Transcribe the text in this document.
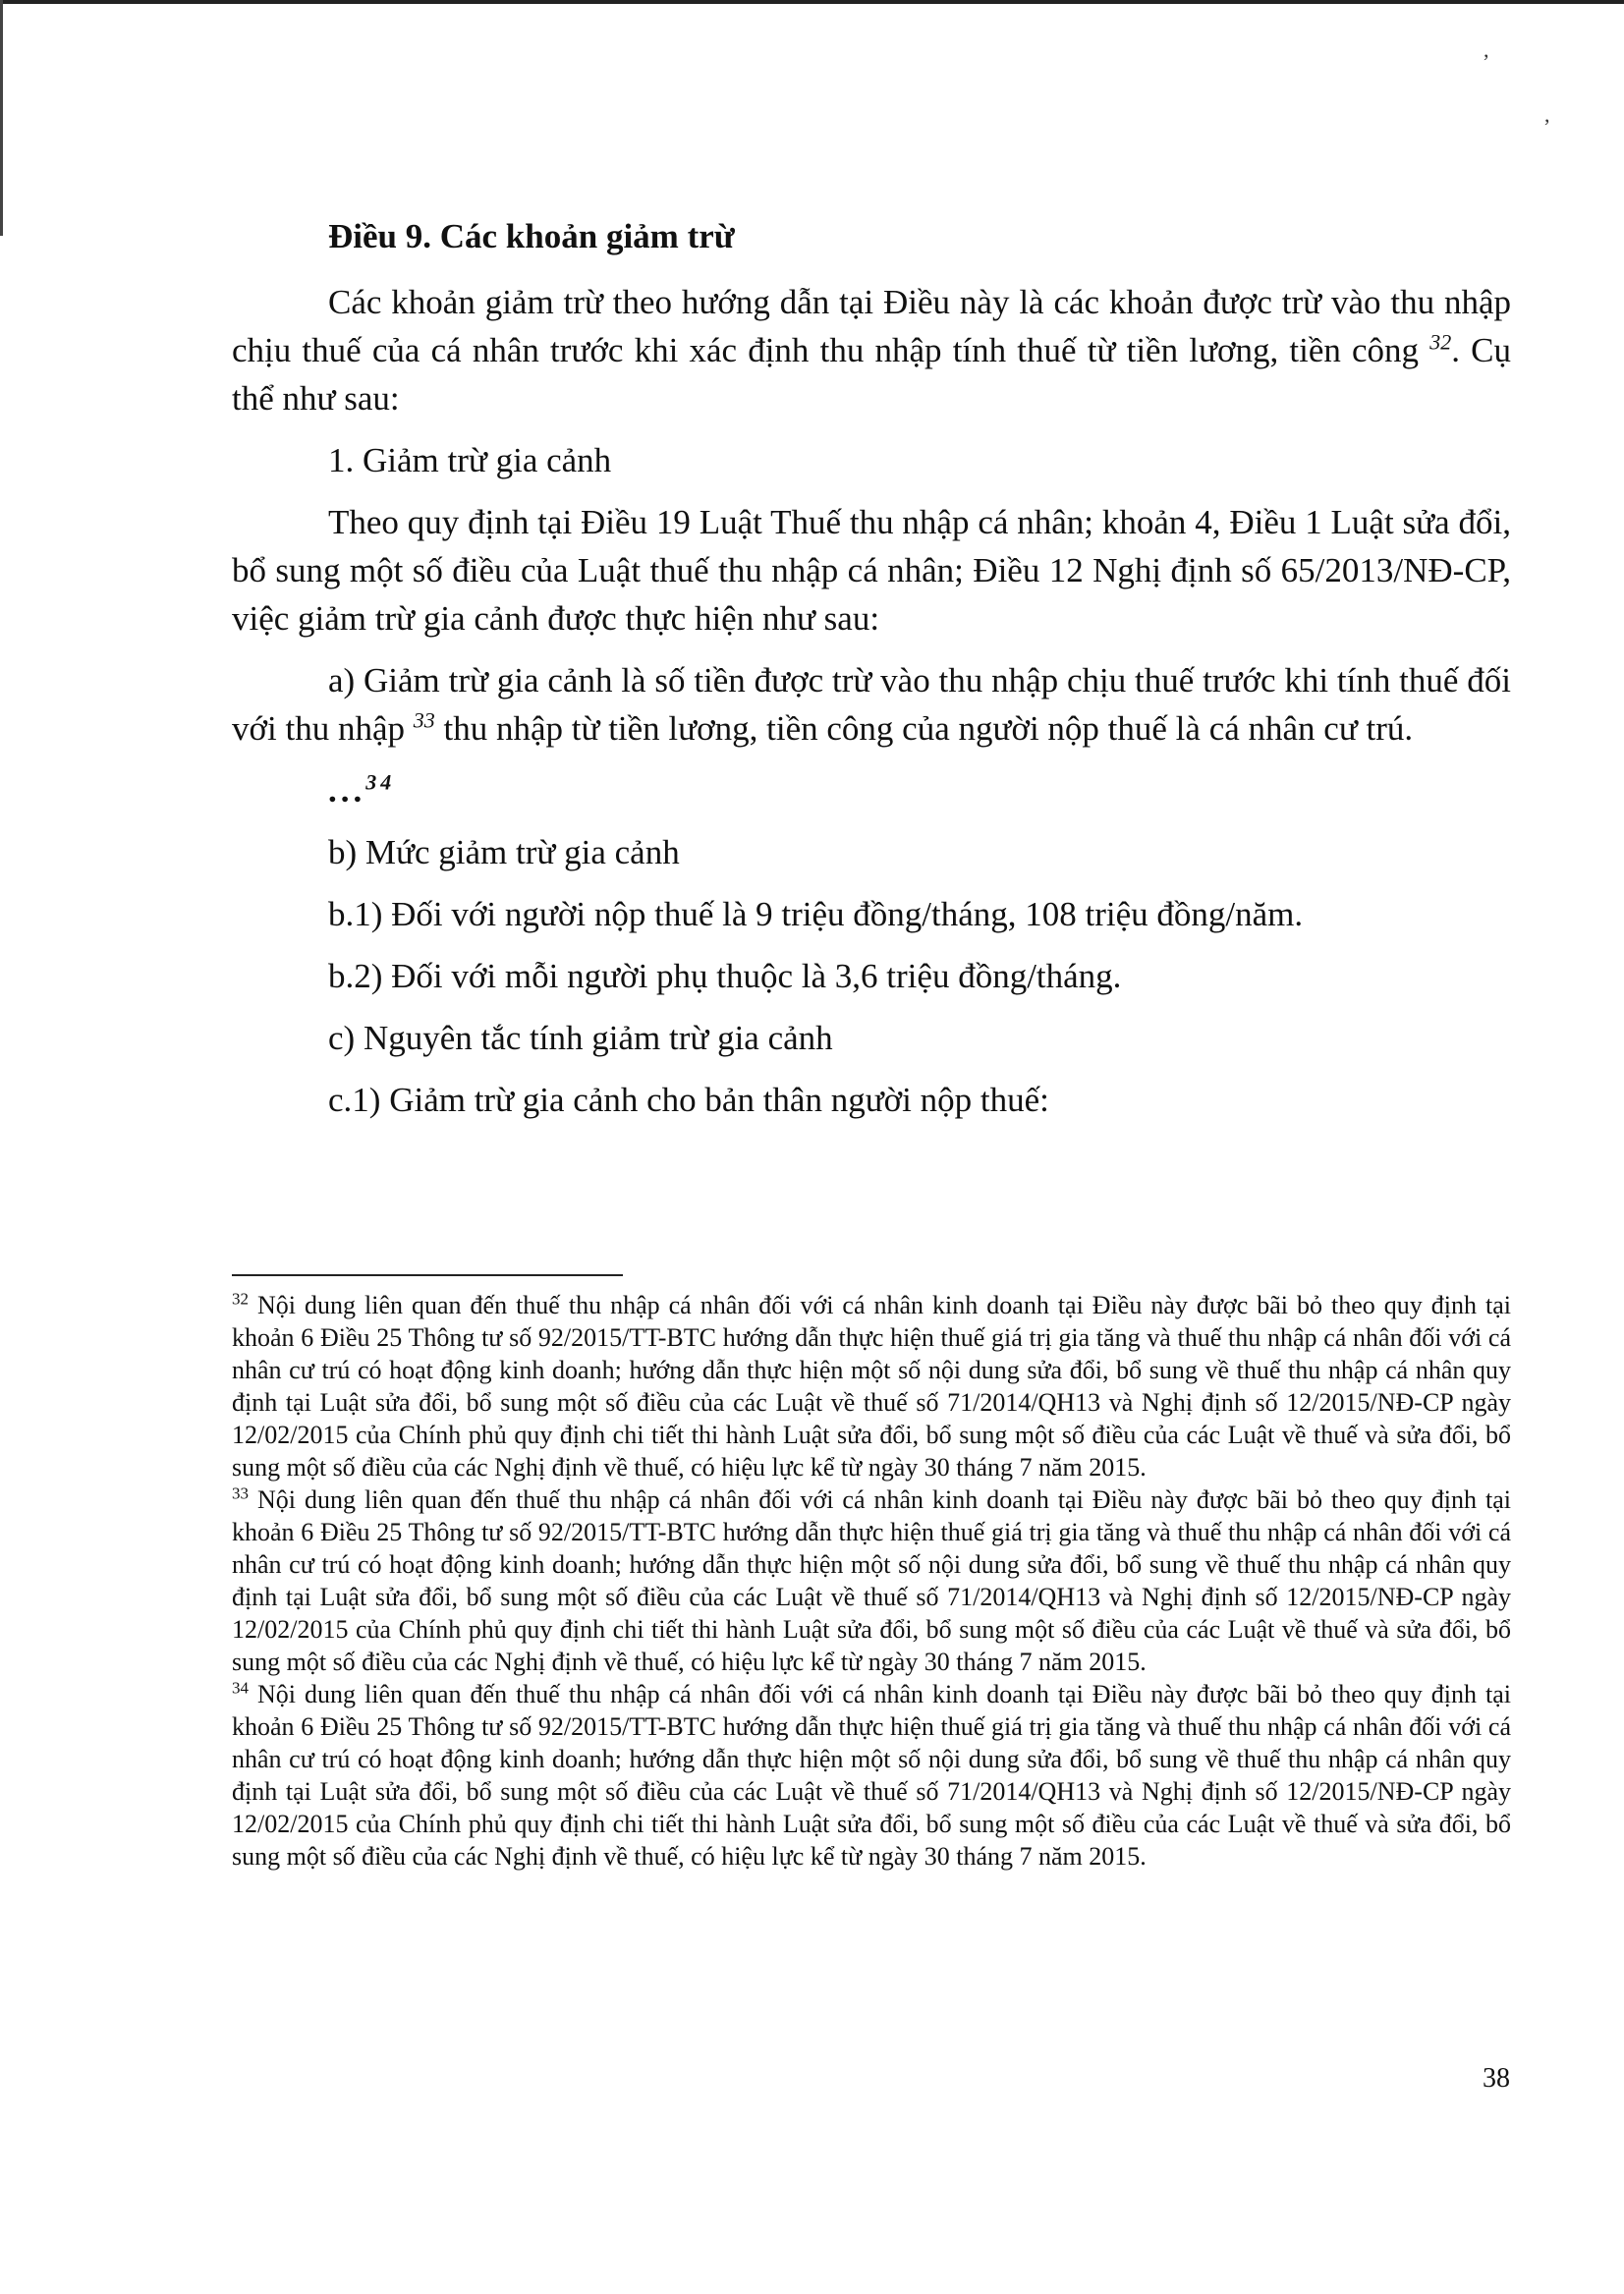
,
,
Điều 9. Các khoản giảm trừ

Các khoản giảm trừ theo hướng dẫn tại Điều này là các khoản được trừ vào thu nhập chịu thuế của cá nhân trước khi xác định thu nhập tính thuế từ tiền lương, tiền công $^{32}$. Cụ thể như sau:

1. Giảm trừ gia cảnh

Theo quy định tại Điều 19 Luật Thuế thu nhập cá nhân; khoản 4, Điều 1 Luật sửa đổi, bổ sung một số điều của Luật thuế thu nhập cá nhân; Điều 12 Nghị định số 65/2013/NĐ-CP, việc giảm trừ gia cảnh được thực hiện như sau:

a) Giảm trừ gia cảnh là số tiền được trừ vào thu nhập chịu thuế trước khi tính thuế đối với thu nhập $^{33}$ thu nhập từ tiền lương, tiền công của người nộp thuế là cá nhân cư trú.

...$^{34}$

b) Mức giảm trừ gia cảnh

b.1) Đối với người nộp thuế là 9 triệu đồng/tháng, 108 triệu đồng/năm.

b.2) Đối với mỗi người phụ thuộc là 3,6 triệu đồng/tháng.

c) Nguyên tắc tính giảm trừ gia cảnh

c.1) Giảm trừ gia cảnh cho bản thân người nộp thuế:

$^{32}$ Nội dung liên quan đến thuế thu nhập cá nhân đối với cá nhân kinh doanh tại Điều này được bãi bỏ theo quy định tại khoản 6 Điều 25 Thông tư số 92/2015/TT-BTC hướng dẫn thực hiện thuế giá trị gia tăng và thuế thu nhập cá nhân đối với cá nhân cư trú có hoạt động kinh doanh; hướng dẫn thực hiện một số nội dung sửa đổi, bổ sung về thuế thu nhập cá nhân quy định tại Luật sửa đổi, bổ sung một số điều của các Luật về thuế số 71/2014/QH13 và Nghị định số 12/2015/NĐ-CP ngày 12/02/2015 của Chính phủ quy định chi tiết thi hành Luật sửa đổi, bổ sung một số điều của các Luật về thuế và sửa đổi, bổ sung một số điều của các Nghị định về thuế, có hiệu lực kể từ ngày 30 tháng 7 năm 2015.

$^{33}$ Nội dung liên quan đến thuế thu nhập cá nhân đối với cá nhân kinh doanh tại Điều này được bãi bỏ theo quy định tại khoản 6 Điều 25 Thông tư số 92/2015/TT-BTC hướng dẫn thực hiện thuế giá trị gia tăng và thuế thu nhập cá nhân đối với cá nhân cư trú có hoạt động kinh doanh; hướng dẫn thực hiện một số nội dung sửa đổi, bổ sung về thuế thu nhập cá nhân quy định tại Luật sửa đổi, bổ sung một số điều của các Luật về thuế số 71/2014/QH13 và Nghị định số 12/2015/NĐ-CP ngày 12/02/2015 của Chính phủ quy định chi tiết thi hành Luật sửa đổi, bổ sung một số điều của các Luật về thuế và sửa đổi, bổ sung một số điều của các Nghị định về thuế, có hiệu lực kể từ ngày 30 tháng 7 năm 2015.

$^{34}$ Nội dung liên quan đến thuế thu nhập cá nhân đối với cá nhân kinh doanh tại Điều này được bãi bỏ theo quy định tại khoản 6 Điều 25 Thông tư số 92/2015/TT-BTC hướng dẫn thực hiện thuế giá trị gia tăng và thuế thu nhập cá nhân đối với cá nhân cư trú có hoạt động kinh doanh; hướng dẫn thực hiện một số nội dung sửa đổi, bổ sung về thuế thu nhập cá nhân quy định tại Luật sửa đổi, bổ sung một số điều của các Luật về thuế số 71/2014/QH13 và Nghị định số 12/2015/NĐ-CP ngày 12/02/2015 của Chính phủ quy định chi tiết thi hành Luật sửa đổi, bổ sung một số điều của các Luật về thuế và sửa đổi, bổ sung một số điều của các Nghị định về thuế, có hiệu lực kể từ ngày 30 tháng 7 năm 2015.

38
